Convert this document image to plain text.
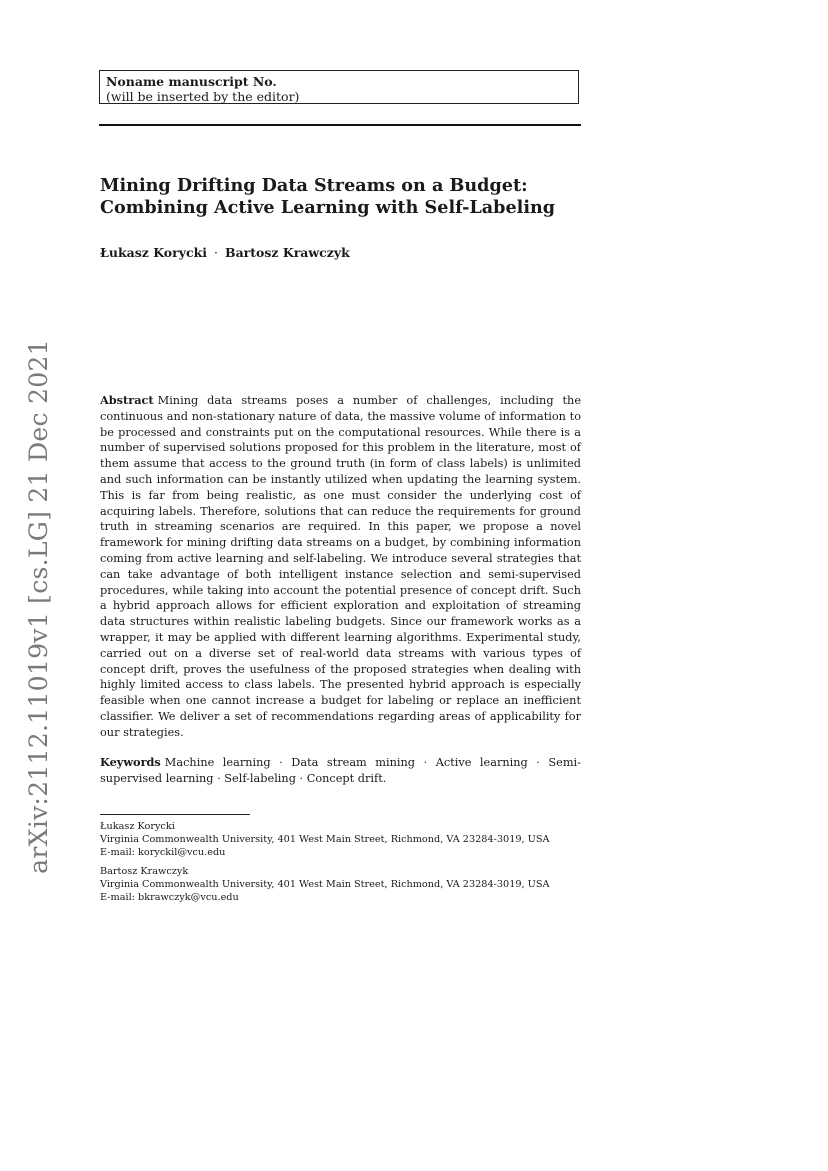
Noname manuscript No.
(will be inserted by the editor)
Mining Drifting Data Streams on a Budget:
Combining Active Learning with Self-Labeling
Łukasz Korycki · Bartosz Krawczyk
arXiv:2112.11019v1 [cs.LG] 21 Dec 2021	Abstract Mining data streams poses a number of challenges, including the continuous and non-stationary nature of data, the massive volume of information to be processed and constraints put on the computational resources. While there is a number of supervised solutions proposed for this problem in the literature, most of them assume that access to the ground truth (in form of class labels) is unlimited and such information can be instantly utilized when updating the learning system. This is far from being realistic, as one must consider the underlying cost of acquiring labels. Therefore, solutions that can reduce the requirements for ground truth in streaming scenarios are required. In this paper, we propose a novel framework for mining drifting data streams on a budget, by combining information coming from active learning and self-labeling. We introduce several strategies that can take advantage of both intelligent instance selection and semi-supervised procedures, while taking into account the potential presence of concept drift. Such a hybrid approach allows for efficient exploration and exploitation of streaming data structures within realistic labeling budgets. Since our framework works as a wrapper, it may be applied with different learning algorithms. Experimental study, carried out on a diverse set of real-world data streams with various types of concept drift, proves the usefulness of the proposed strategies when dealing with highly limited access to class labels. The presented hybrid approach is especially feasible when one cannot increase a budget for labeling or replace an inefficient classifier. We deliver a set of recommendations regarding areas of applicability for our strategies.

Keywords Machine learning · Data stream mining · Active learning · Semi-supervised learning · Self-labeling · Concept drift.

Łukasz Korycki
Virginia Commonwealth University, 401 West Main Street, Richmond, VA 23284-3019, USA
E-mail: koryckil@vcu.edu
Bartosz Krawczyk
Virginia Commonwealth University, 401 West Main Street, Richmond, VA 23284-3019, USA
E-mail: bkrawczyk@vcu.edu
